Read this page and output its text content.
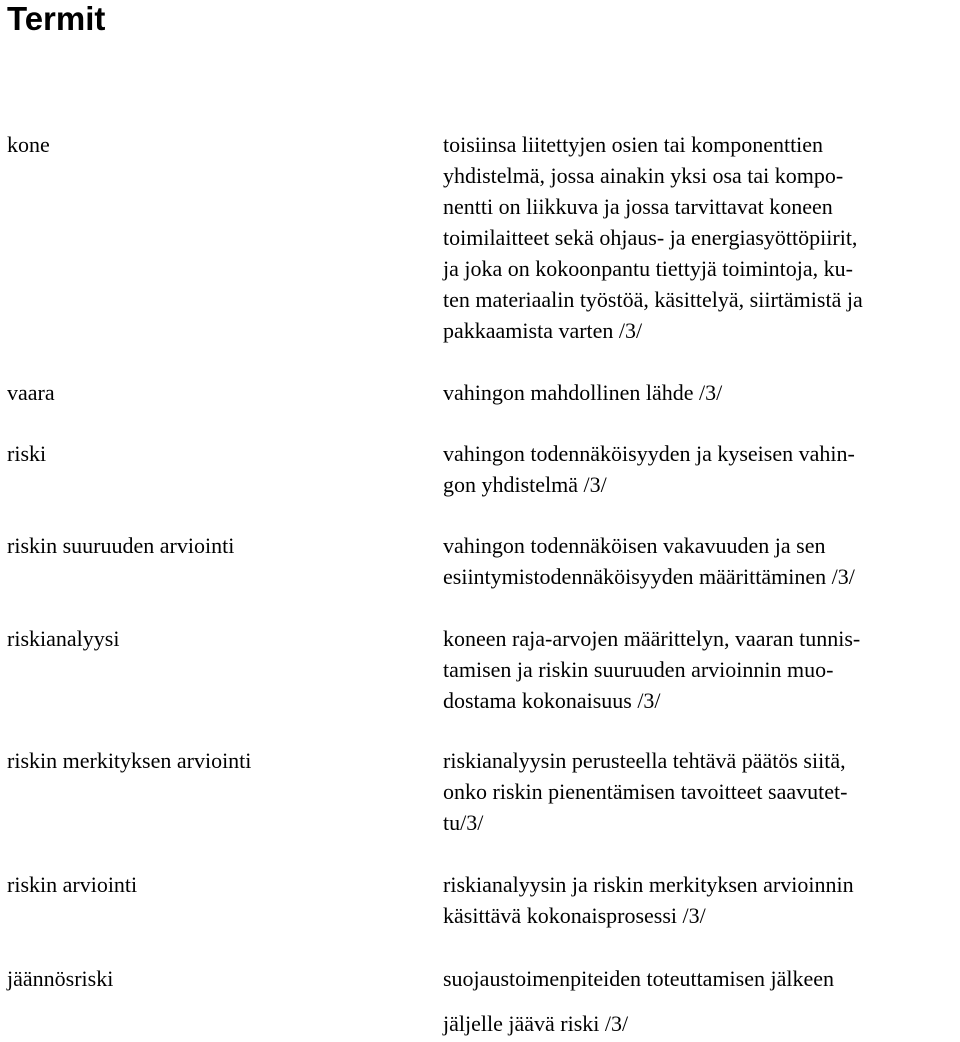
Termit
kone	toisiinsa liitettyjen osien tai komponenttien
yhdistelmä, jossa ainakin yksi osa tai kompo-
nentti on liikkuva ja jossa tarvittavat koneen
toimilaitteet sekä ohjaus- ja energiasyöttöpiirit,
ja joka on kokoonpantu tiettyjä toimintoja, ku-
ten materiaalin työstöä, käsittelyä, siirtämistä ja
pakkaamista varten /3/
vaara	vahingon mahdollinen lähde /3/
riski	vahingon todennäköisyyden ja kyseisen vahin-
gon yhdistelmä /3/
riskin suuruuden arviointi	vahingon todennäköisen vakavuuden ja sen
esiintymistodennäköisyyden määrittäminen /3/
riskianalyysi	koneen raja-arvojen määrittelyn, vaaran tunnis-
tamisen ja riskin suuruuden arvioinnin muo-
dostama kokonaisuus /3/
riskin merkityksen arviointi	riskianalyysin perusteella tehtävä päätös siitä,
onko riskin pienentämisen tavoitteet saavutet-
tu/3/
riskin arviointi	riskianalyysin ja riskin merkityksen arvioinnin
käsittävä kokonaisprosessi /3/
jäännösriski	suojaustoimenpiteiden toteuttamisen jälkeen
jäljelle jäävä riski /3/
